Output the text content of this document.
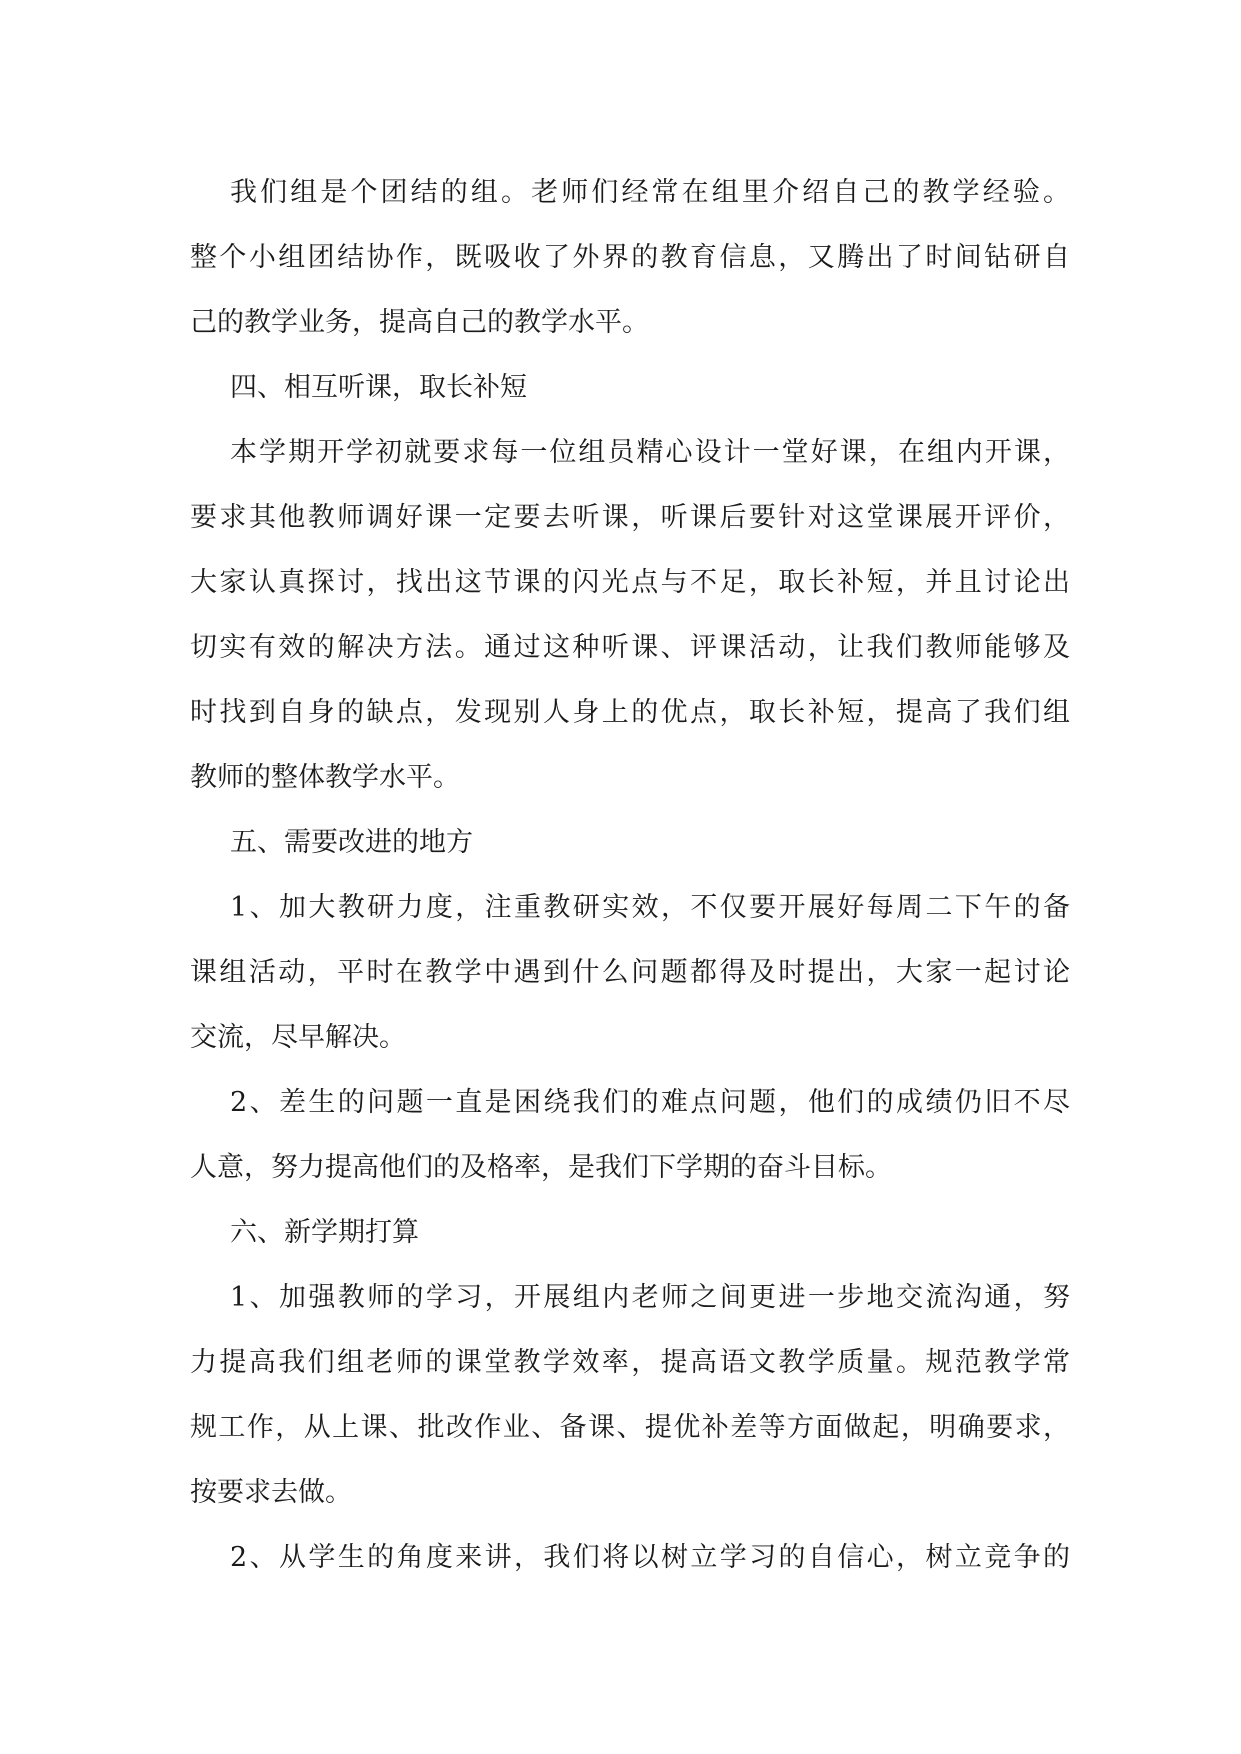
我们组是个团结的组。老师们经常在组里介绍自己的教学经验。
整个小组团结协作，既吸收了外界的教育信息，又腾出了时间钻研自
己的教学业务，提高自己的教学水平。
四、相互听课，取长补短
本学期开学初就要求每一位组员精心设计一堂好课，在组内开课，
要求其他教师调好课一定要去听课，听课后要针对这堂课展开评价，
大家认真探讨，找出这节课的闪光点与不足，取长补短，并且讨论出
切实有效的解决方法。通过这种听课、评课活动，让我们教师能够及
时找到自身的缺点，发现别人身上的优点，取长补短，提高了我们组
教师的整体教学水平。
五、需要改进的地方
1、加大教研力度，注重教研实效，不仅要开展好每周二下午的备
课组活动，平时在教学中遇到什么问题都得及时提出，大家一起讨论
交流，尽早解决。
2、差生的问题一直是困绕我们的难点问题，他们的成绩仍旧不尽
人意，努力提高他们的及格率，是我们下学期的奋斗目标。
六、新学期打算
1、加强教师的学习，开展组内老师之间更进一步地交流沟通，努
力提高我们组老师的课堂教学效率，提高语文教学质量。规范教学常
规工作，从上课、批改作业、备课、提优补差等方面做起，明确要求，
按要求去做。
2、从学生的角度来讲，我们将以树立学习的自信心，树立竞争的
